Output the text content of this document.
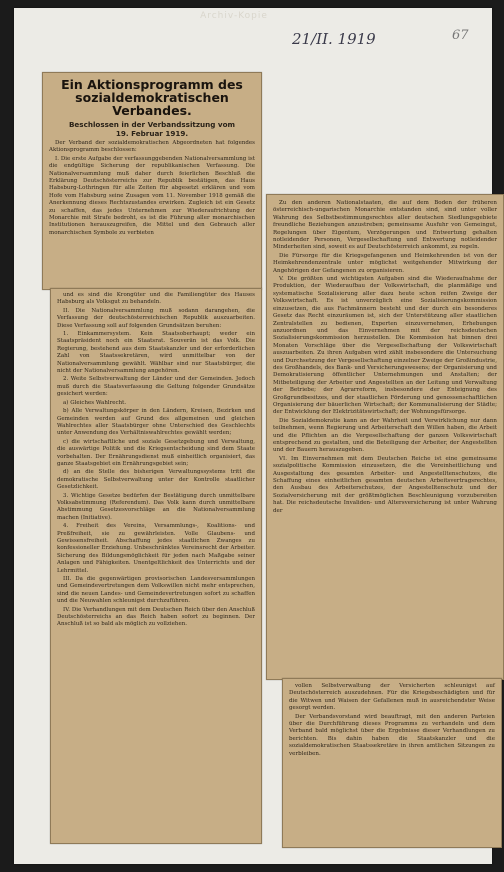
Archiv-Kopie
21/II. 1919	67
Ein Aktionsprogramm des sozialdemokratischen Verbandes.
Beschlossen in der Verbandssitzung vom
19. Februar 1919.

Der Verband der sozialdemokratischen Abgeordneten hat folgendes Aktionsprogramm beschlossen:

I. Die erste Aufgabe der verfassunggebenden Nationalversammlung ist die endgültige Sicherung der republikanischen Verfassung. Die Nationalversammlung muß daher durch feierlichen Beschluß die Erklärung Deutschösterreichs zur Republik bestätigen, das Haus Habsburg-Lothringen für alle Zeiten für abgesetzt erklären und vom Hofe vom Habsburg seine Zusagen vom 11. November 1918 gemäß die Anerkennung dieses Rechtszustandes erwirken. Zugleich ist ein Gesetz zu schaffen, das jedes Unternehmen zur Wiederaufrichtung der Monarchie mit Strafe bedroht, es ist die Führung aller monarchischen Institutionen herauszugreifen, die Mittel und den Gebrauch aller monarchischen Symbole zu verbieten

und es sind die Krongüter und die Familiengüter des Hauses Habsburg als Volksgut zu behandeln.

II. Die Nationalversammlung muß sodann darangehen, die Verfassung der deutschösterreichischen Republik auszuarbeiten. Diese Verfassung soll auf folgenden Grundsätzen beruhen:

1. Einkammersystem. Kein Staatsoberhaupt; weder ein Staatspräsident noch ein Staatsrat. Souverän ist das Volk. Die Regierung, bestehend aus dem Staatskanzler und der erforderlichen Zahl von Staatssekretären, wird unmittelbar von der Nationalversammlung gewählt. Wählbar sind nur Staatsbürger, die nicht der Nationalversammlung angehören.

2. Weite Selbstverwaltung der Länder und der Gemeinden. Jedoch muß durch die Staatsverfassung die Geltung folgender Grundsätze gesichert werden:

a) Gleiches Wahlrecht.

b) Alle Verwaltungskörper in den Ländern, Kreisen, Bezirken und Gemeinden werden auf Grund des allgemeinen und gleichen Wahlrechtes aller Staatsbürger ohne Unterschied des Geschlechts unter Anwendung des Verhältniswahlrechtes gewählt werden;

c) die wirtschaftliche und soziale Gesetzgebung und Verwaltung, die auswärtige Politik und die Kriegsentscheidung sind dem Staate vorbehalten. Der Ernährungsdienst muß einheitlich organisiert, das ganze Staatsgebiet ein Ernährungsgebiet sein;

d) an die Stelle des bisherigen Verwaltungssystems tritt die demokratische Selbstverwaltung unter der Kontrolle staatlicher Gesetzlichkeit.

3. Wichtige Gesetze bedürfen der Bestätigung durch unmittelbare Volksabstimmung (Referendum). Das Volk kann durch unmittelbare Abstimmung Gesetzesvorschläge an die Nationalversammlung machen (Initiative).

4. Freiheit des Vereins, Versammlungs-, Koalitions- und Preßfreiheit, sie zu gewährleisten. Volle Glaubens- und Gewissensfreiheit. Abschaffung jedes staatlichen Zwanges zu konfessioneller Erziehung. Unbeschränktes Vereinsrecht der Arbeiter. Sicherung des Bildungsmöglichkeit für jeden nach Maßgabe seiner Anlagen und Fähigkeiten. Unentgeltlichkeit des Unterrichts und der Lehrmittel.

III. Da die gegenwärtigen provisorischen Landesversammlungen und Gemeindevertretungen dem Volkswillen nicht mehr entsprechen, sind die neuen Landes- und Gemeindevertretungen sofort zu schaffen und die Neuwahlen schleunigst durchzuführen.

IV. Die Verhandlungen mit dem Deutschen Reich über den Anschluß Deutschösterreichs an das Reich haben sofort zu beginnen. Der Anschluß ist so bald als möglich zu vollziehen.

Zu den anderen Nationalstaaten, die auf dem Boden der früheren österreichisch-ungarischen Monarchie entstanden sind, sind unter voller Wahrung des Selbstbestimmungsrechtes aller deutschen Siedlungsgebiete freundliche Beziehungen anzustreben; gemeinsame Ausfuhr von Gemeingut, Regelungen über Eigentum, Verzögerungen und Entwertung gehalten notleidender Personen, Vergesellschaftung und Entwertung notleidender Minderheiten sind, soweit es auf Deutschösterreich ankommt, zu regeln.

Die Fürsorge für die Kriegsgefangenen und Heimkehrenden ist von der Heimkehrendenzentrale unter möglichst weitgehender Mitwirkung der Angehörigen der Gefangenen zu organisieren.

V. Die größten und wichtigsten Aufgaben sind die Wiederaufnahme der Produktion, der Wiederaufbau der Volkswirtschaft, die planmäßige und systematische Sozialisierung aller dazu heute schon reifen Zweige der Volkswirtschaft. Es ist unverzüglich eine Sozialisierungskommission einzusetzen, die aus Fachmännern besteht und der durch ein besonderes Gesetz das Recht einzuräumen ist, sich der Unterstützung aller staatlichen Zentralstellen zu bedienen, Experten einzuvernehmen, Erhebungen anzuordnen und das Einvernehmen mit der reichsdeutschen Sozialisierungskommission herzustellen. Die Kommission hat binnen drei Monaten Vorschläge über die Vergesellschaftung der Volkswirtschaft auszuarbeiten. Zu ihren Aufgaben wird zählt insbesondere die Untersuchung und Durchsetzung der Vergesellschaftung einzelner Zweige der Großindustrie, des Großhandels, des Bank- und Versicherungswesens; der Organisierung und Demokratisierung öffentlicher Unternehmungen und Anstalten; der Mitbeteiligung der Arbeiter und Angestellten an der Leitung und Verwaltung der Betriebe; der Agrarreform, insbesondere der Enteignung des Großgrundbesitzes, und der staatlichen Förderung und genossenschaftlichen Organisierung der bäuerlichen Wirtschaft; der Kommunalisierung der Städte; der Entwicklung der Elektrizitätswirtschaft; der Wohnungsfürsorge.

Die Sozialdemokratie kann an der Wahrheit und Verwirklichung nur dann teilnehmen, wenn Regierung und Arbeiterschaft den Willen haben, die Arbeit und die Pflichten an die Vergesellschaftung der ganzen Volkswirtschaft entsprechend zu gestalten, und die Beteiligung der Arbeiter, der Angestellten und der Bauern herauszugeben.

VI. Im Einvernehmen mit dem Deutschen Reiche ist eine gemeinsame sozialpolitische Kommission einzusetzen, die die Vereinheitlichung und Ausgestaltung des gesamten Arbeiter- und Angestelltenschutzes, die Schaffung eines einheitlichen gesamten deutschen Arbeitsvertragsrechtes, den Ausbau des Arbeiterschutzes, der Angestelltenschutz und der Sozialversicherung mit der größtmöglichen Beschleunigung vorzubereiten hat. Die reichsdeutsche Invaliden- und Altersversicherung ist unter Wahrung der

vollen Selbstverwaltung der Versicherten schleunigst auf Deutschösterreich auszudehnen. Für die Kriegsbeschädigten und für die Witwen und Waisen der Gefallenen muß in ausreichendster Weise gesorgt werden.

Der Verbandsvorstand wird beauftragt, mit den anderen Parteien über die Durchführung dieses Programms zu verhandeln und dem Verband bald möglichst über die Ergebnisse dieser Verhandlungen zu berichten. Bis dahin haben die Staatskanzler und die sozialdemokratischen Staatssekretäre in ihren amtlichen Sitzungen zu verbleiben.
